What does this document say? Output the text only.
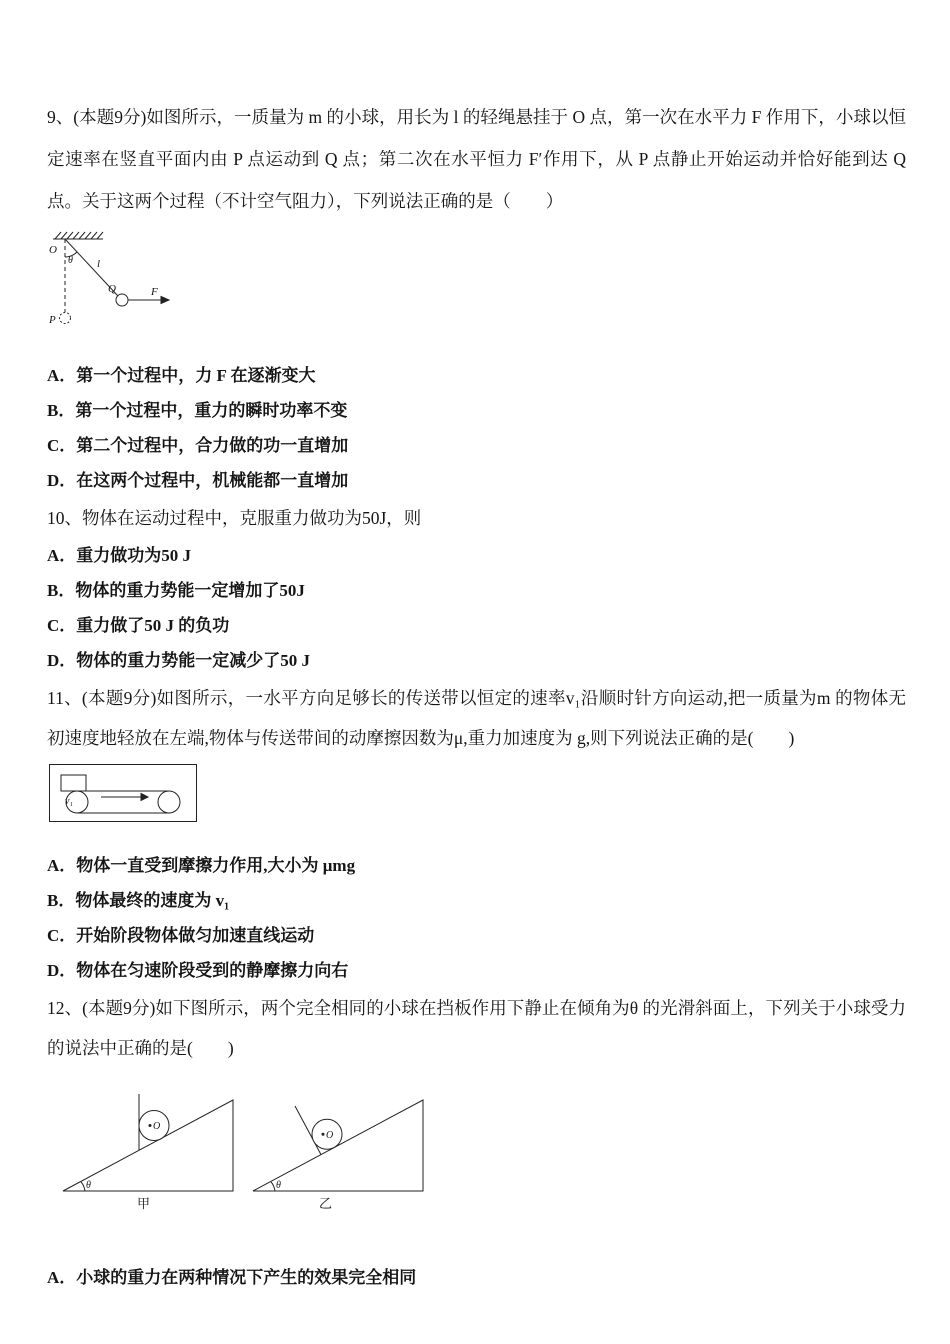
9、(本题9分)如图所示，一质量为 m 的小球，用长为 l 的轻绳悬挂于 O 点，第一次在水平力 F 作用下，小球以恒定速率在竖直平面内由 P 点运动到 Q 点；第二次在水平恒力 F′作用下，从 P 点静止开始运动并恰好能到达 Q 点。关于这两个过程（不计空气阻力），下列说法正确的是（　　）

O
θ l
Q	F
P

A．第一个过程中，力 F 在逐渐变大

B．第一个过程中，重力的瞬时功率不变

C．第二个过程中，合力做的功一直增加

D．在这两个过程中，机械能都一直增加

10、物体在运动过程中，克服重力做功为50J，则

A．重力做功为50 J

B．物体的重力势能一定增加了50J

C．重力做了50 J 的负功

D．物体的重力势能一定减少了50 J

11、(本题9分)如图所示，一水平方向足够长的传送带以恒定的速率v₁沿顺时针方向运动,把一质量为m 的物体无初速度地轻放在左端,物体与传送带间的动摩擦因数为μ,重力加速度为 g,则下列说法正确的是(　　)

v₁

A．物体一直受到摩擦力作用,大小为 μmg

B．物体最终的速度为 v₁

C．开始阶段物体做匀加速直线运动

D．物体在匀速阶段受到的静摩擦力向右

12、(本题9分)如下图所示，两个完全相同的小球在挡板作用下静止在倾角为θ 的光滑斜面上，下列关于小球受力的说法中正确的是(　　)

O
θ
甲
O
θ
乙

A．小球的重力在两种情况下产生的效果完全相同
